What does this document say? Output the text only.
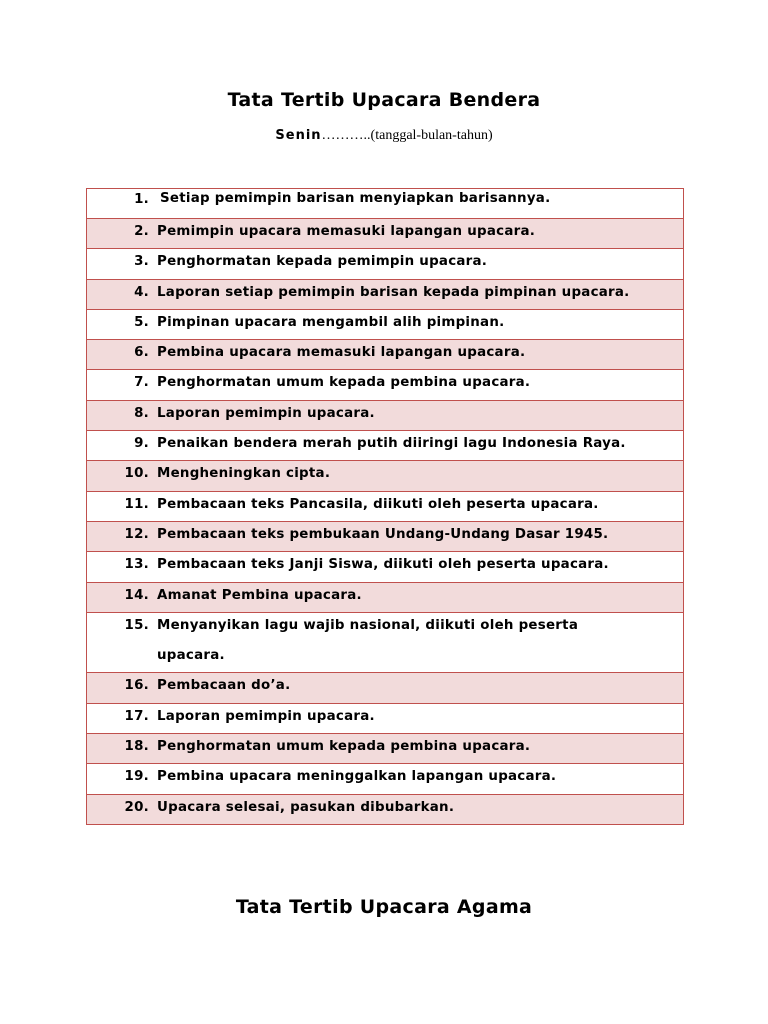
Tata Tertib Upacara Bendera
Senin………..(tanggal-bulan-tahun)
1. Setiap pemimpin barisan menyiapkan barisannya.
2. Pemimpin upacara memasuki lapangan upacara.
3. Penghormatan kepada pemimpin upacara.
4. Laporan setiap pemimpin barisan kepada pimpinan upacara.
5. Pimpinan upacara mengambil alih pimpinan.
6. Pembina upacara memasuki lapangan upacara.
7. Penghormatan umum kepada pembina upacara.
8. Laporan pemimpin upacara.
9. Penaikan bendera merah putih diiringi lagu Indonesia Raya.
10. Mengheningkan cipta.
11. Pembacaan teks Pancasila, diikuti oleh peserta upacara.
12. Pembacaan teks pembukaan Undang-Undang Dasar 1945.
13. Pembacaan teks Janji Siswa, diikuti oleh peserta upacara.
14. Amanat Pembina upacara.
15. Menyanyikan lagu wajib nasional, diikuti oleh peserta upacara.
16. Pembacaan do’a.
17. Laporan pemimpin upacara.
18. Penghormatan umum kepada pembina upacara.
19. Pembina upacara meninggalkan lapangan upacara.
20. Upacara selesai, pasukan dibubarkan.
Tata Tertib Upacara Agama
